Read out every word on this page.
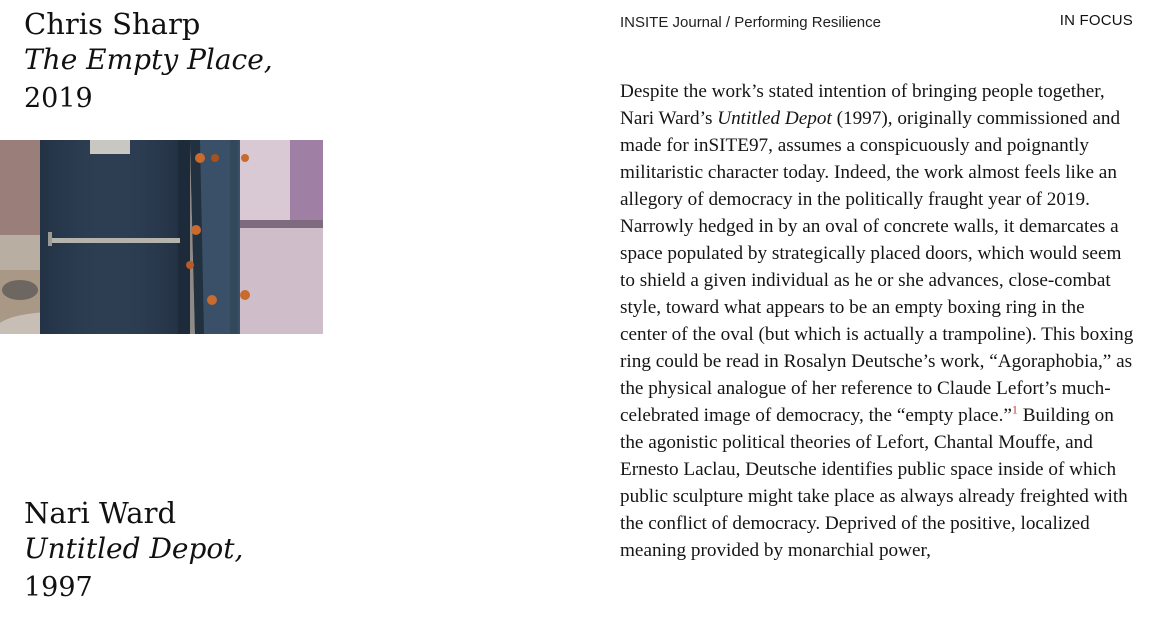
Chris Sharp
The Empty Place,
2019
Nari Ward
Untitled Depot,
1997
INSITE Journal / Performing Resilience	IN FOCUS

Despite the work’s stated intention of bringing people together, Nari Ward’s Untitled Depot (1997), originally commissioned and made for inSITE97, assumes a conspicuously and poignantly militaristic character today. Indeed, the work almost feels like an allegory of democracy in the politically fraught year of 2019. Narrowly hedged in by an oval of concrete walls, it demarcates a space populated by strategically placed doors, which would seem to shield a given individual as he or she advances, close-combat style, toward what appears to be an empty boxing ring in the center of the oval (but which is actually a trampoline). This boxing ring could be read in Rosalyn Deutsche’s work, “Agoraphobia,” as the physical analogue of her reference to Claude Lefort’s much-celebrated image of democracy, the “empty place.”$^1$ Building on the agonistic political theories of Lefort, Chantal Mouffe, and Ernesto Laclau, Deutsche identifies public space inside of which public sculpture might take place as always already freighted with the conflict of democracy. Deprived of the positive, localized meaning provided by monarchial power,
